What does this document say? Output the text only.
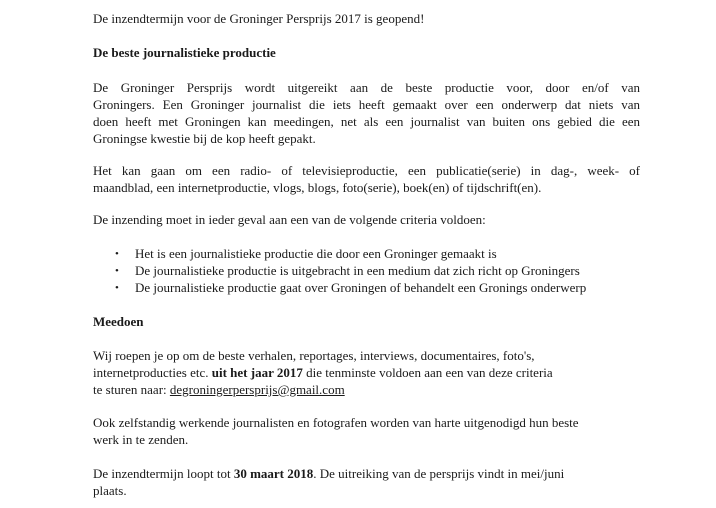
De inzendtermijn voor de Groninger Persprijs 2017 is geopend!
De beste journalistieke productie
De Groninger Persprijs wordt uitgereikt aan de beste productie voor, door en/of van
Groningers. Een Groninger journalist die iets heeft gemaakt over een onderwerp dat niets van
doen heeft met Groningen kan meedingen, net als een journalist van buiten ons gebied die een
Groningse kwestie bij de kop heeft gepakt.
Het kan gaan om een radio- of televisieproductie, een publicatie(serie) in dag-, week- of
maandblad, een internetproductie, vlogs, blogs, foto(serie), boek(en) of tijdschrift(en).
De inzending moet in ieder geval aan een van de volgende criteria voldoen:
• Het is een journalistieke productie die door een Groninger gemaakt is
• De journalistieke productie is uitgebracht in een medium dat zich richt op Groningers
• De journalistieke productie gaat over Groningen of behandelt een Gronings onderwerp
Meedoen
Wij roepen je op om de beste verhalen, reportages, interviews, documentaires, foto's,
internetproducties etc. uit het jaar 2017 die tenminste voldoen aan een van deze criteria
te sturen naar: degroningerpersprijs@gmail.com
Ook zelfstandig werkende journalisten en fotografen worden van harte uitgenodigd hun beste
werk in te zenden.
De inzendtermijn loopt tot 30 maart 2018. De uitreiking van de persprijs vindt in mei/juni
plaats.
